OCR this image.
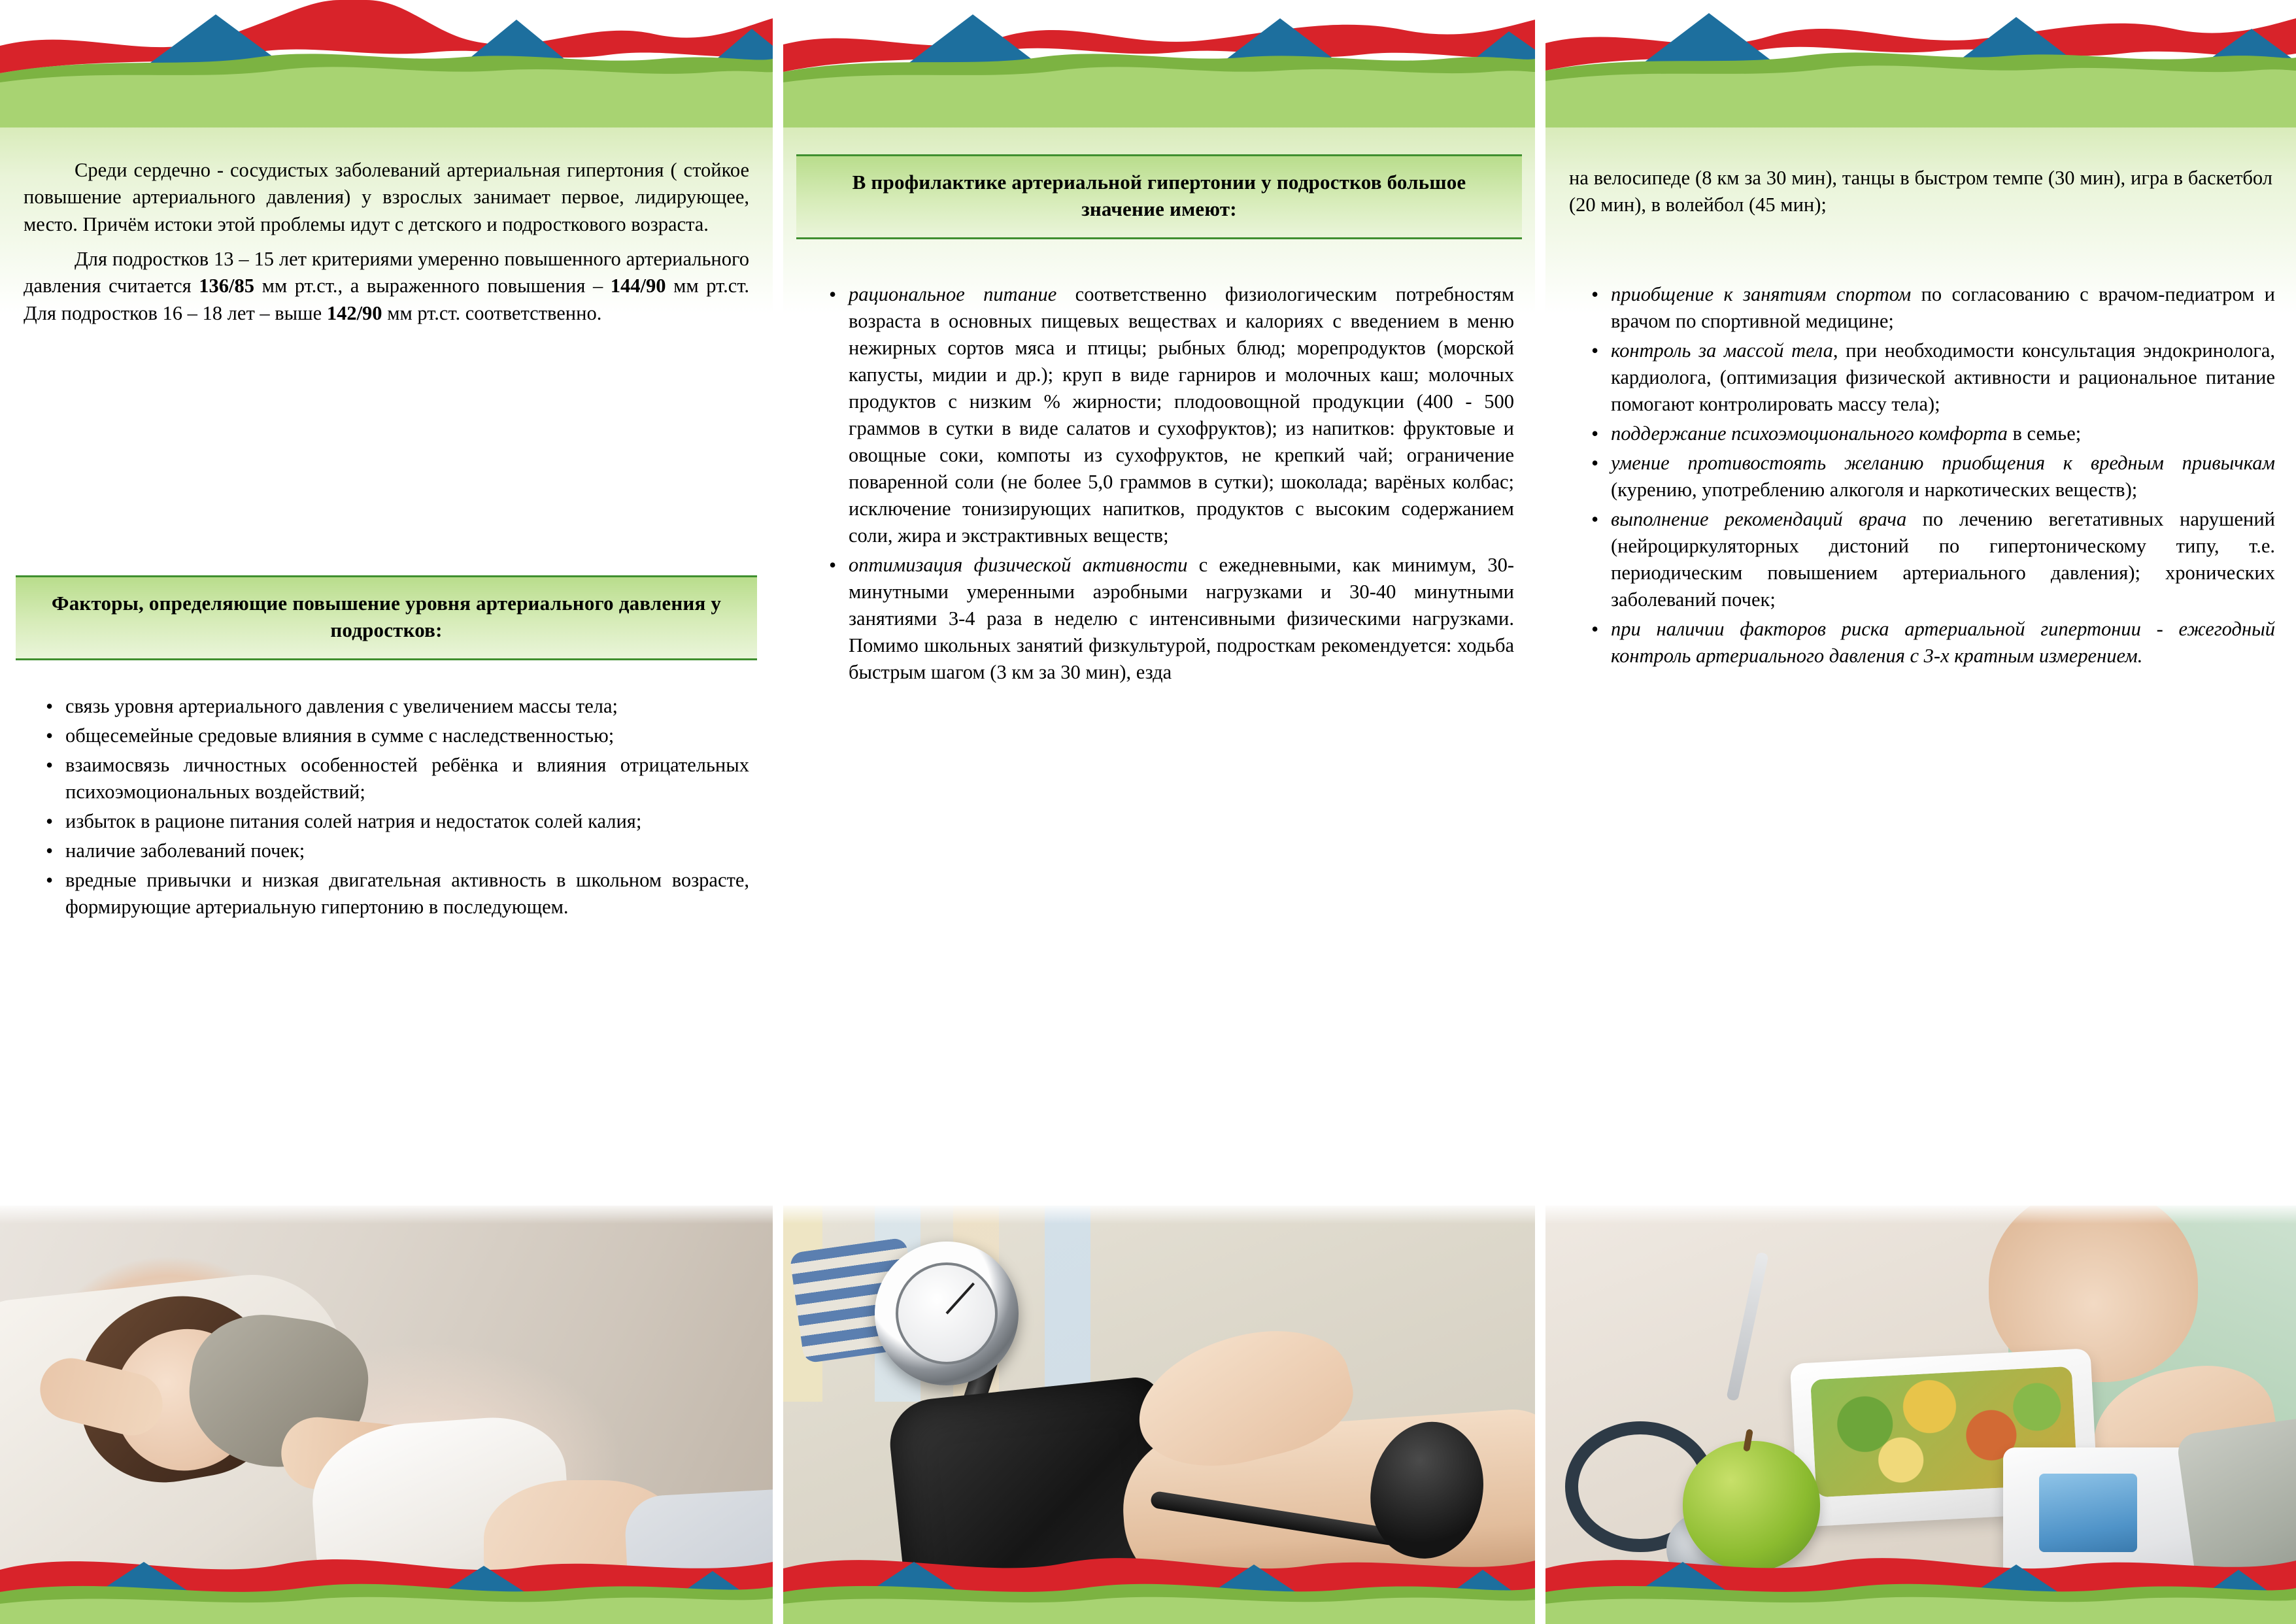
Среди сердечно - сосудистых заболеваний артериальная гипертония ( стойкое повышение артериального давления) у взрослых занимает первое, лидирующее, место. Причём истоки этой проблемы идут с детского и подросткового возраста.

Для подростков 13 – 15 лет критериями умеренно повышенного артериального давления считается 136/85 мм рт.ст., а выраженного повышения – 144/90 мм рт.ст. Для подростков 16 – 18 лет – выше 142/90 мм рт.ст. соответственно.

Факторы, определяющие повышение уровня артериального давления у подростков:
• связь уровня артериального давления с увеличением массы тела;
• общесемейные средовые влияния в сумме с наследственностью;
• взаимосвязь личностных особенностей ребёнка и влияния отрицательных психоэмоциональных воздействий;
• избыток в рационе питания солей натрия и недостаток солей калия;
• наличие заболеваний почек;
• вредные привычки и низкая двигательная активность в школьном возрасте, формирующие артериальную гипертонию в последующем.
В профилактике артериальной гипертонии у подростков большое значение имеют:
• рациональное питание соответственно физиологическим потребностям возраста в основных пищевых веществах и калориях с введением в меню нежирных сортов мяса и птицы; рыбных блюд; морепродуктов (морской капусты, мидии и др.); круп в виде гарниров и молочных каш; молочных продуктов с низким % жирности; плодоовощной продукции (400 - 500 граммов в сутки в виде салатов и сухофруктов); из напитков: фруктовые и овощные соки, компоты из сухофруктов, не крепкий чай; ограничение поваренной соли (не более 5,0 граммов в сутки); шоколада; варёных колбас; исключение тонизирующих напитков, продуктов с высоким содержанием соли, жира и экстрактивных веществ;
• оптимизация физической активности с ежедневными, как минимум, 30-минутными умеренными аэробными нагрузками и 30-40 минутными занятиями 3-4 раза в неделю с интенсивными физическими нагрузками. Помимо школьных занятий физкультурой, подросткам рекомендуется: ходьба быстрым шагом (3 км за 30 мин), езда

на велосипеде (8 км за 30 мин), танцы в быстром темпе (30 мин), игра в баскетбол (20 мин), в волейбол (45 мин);

• приобщение к занятиям спортом по согласованию с врачом-педиатром и врачом по спортивной медицине;
• контроль за массой тела, при необходимости консультация эндокринолога, кардиолога, (оптимизация физической активности и рациональное питание помогают контролировать массу тела);
• поддержание психоэмоционального комфорта в семье;
• умение противостоять желанию приобщения к вредным привычкам (курению, употреблению алкоголя и наркотических веществ);
• выполнение рекомендаций врача по лечению вегетативных нарушений (нейроциркуляторных дистоний по гипертоническому типу, т.е. периодическим повышением артериального давления); хронических заболеваний почек;
• при наличии факторов риска артериальной гипертонии - ежегодный контроль артериального давления с 3-х кратным измерением.
